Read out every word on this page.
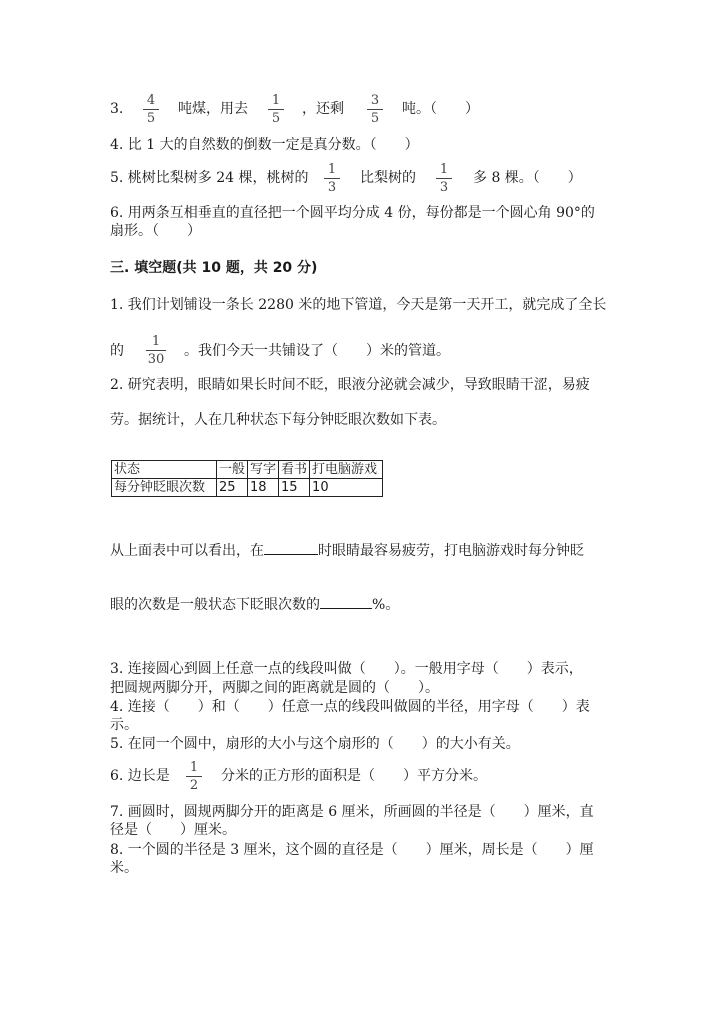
3.
4
5
吨煤，用去
1
5
，还剩
3
5
吨。（　　）
4. 比 1 大的自然数的倒数一定是真分数。（　　）
5. 桃树比梨树多 24 棵，桃树的
1
3
比梨树的
1
3
多 8 棵。（　　）
6. 用两条互相垂直的直径把一个圆平均分成 4 份，每份都是一个圆心角 90°的
扇形。（　　）
三. 填空题(共 10 题，共 20 分)
1. 我们计划铺设一条长 2280 米的地下管道，今天是第一天开工，就完成了全长
的
1
30
。我们今天一共铺设了（　　）米的管道。
2. 研究表明，眼睛如果长时间不眨，眼液分泌就会减少，导致眼睛干涩，易疲
劳。据统计，人在几种状态下每分钟眨眼次数如下表。
状态	一般	写字	看书	打电脑游戏
每分钟眨眼次数	25	18	15	10
从上面表中可以看出，在	时眼睛最容易疲劳，打电脑游戏时每分钟眨
眼的次数是一般状态下眨眼次数的	%。
3. 连接圆心到圆上任意一点的线段叫做（　　）。一般用字母（　　）表示，
把圆规两脚分开，两脚之间的距离就是圆的（　　）。
4. 连接（　　）和（　　）任意一点的线段叫做圆的半径，用字母（　　）表
示。
5. 在同一个圆中，扇形的大小与这个扇形的（　　）的大小有关。
6. 边长是
1
2
分米的正方形的面积是（　　）平方分米。
7. 画圆时，圆规两脚分开的距离是 6 厘米，所画圆的半径是（　　）厘米，直
径是（　　）厘米。
8. 一个圆的半径是 3 厘米，这个圆的直径是（　　）厘米，周长是（　　）厘
米。
